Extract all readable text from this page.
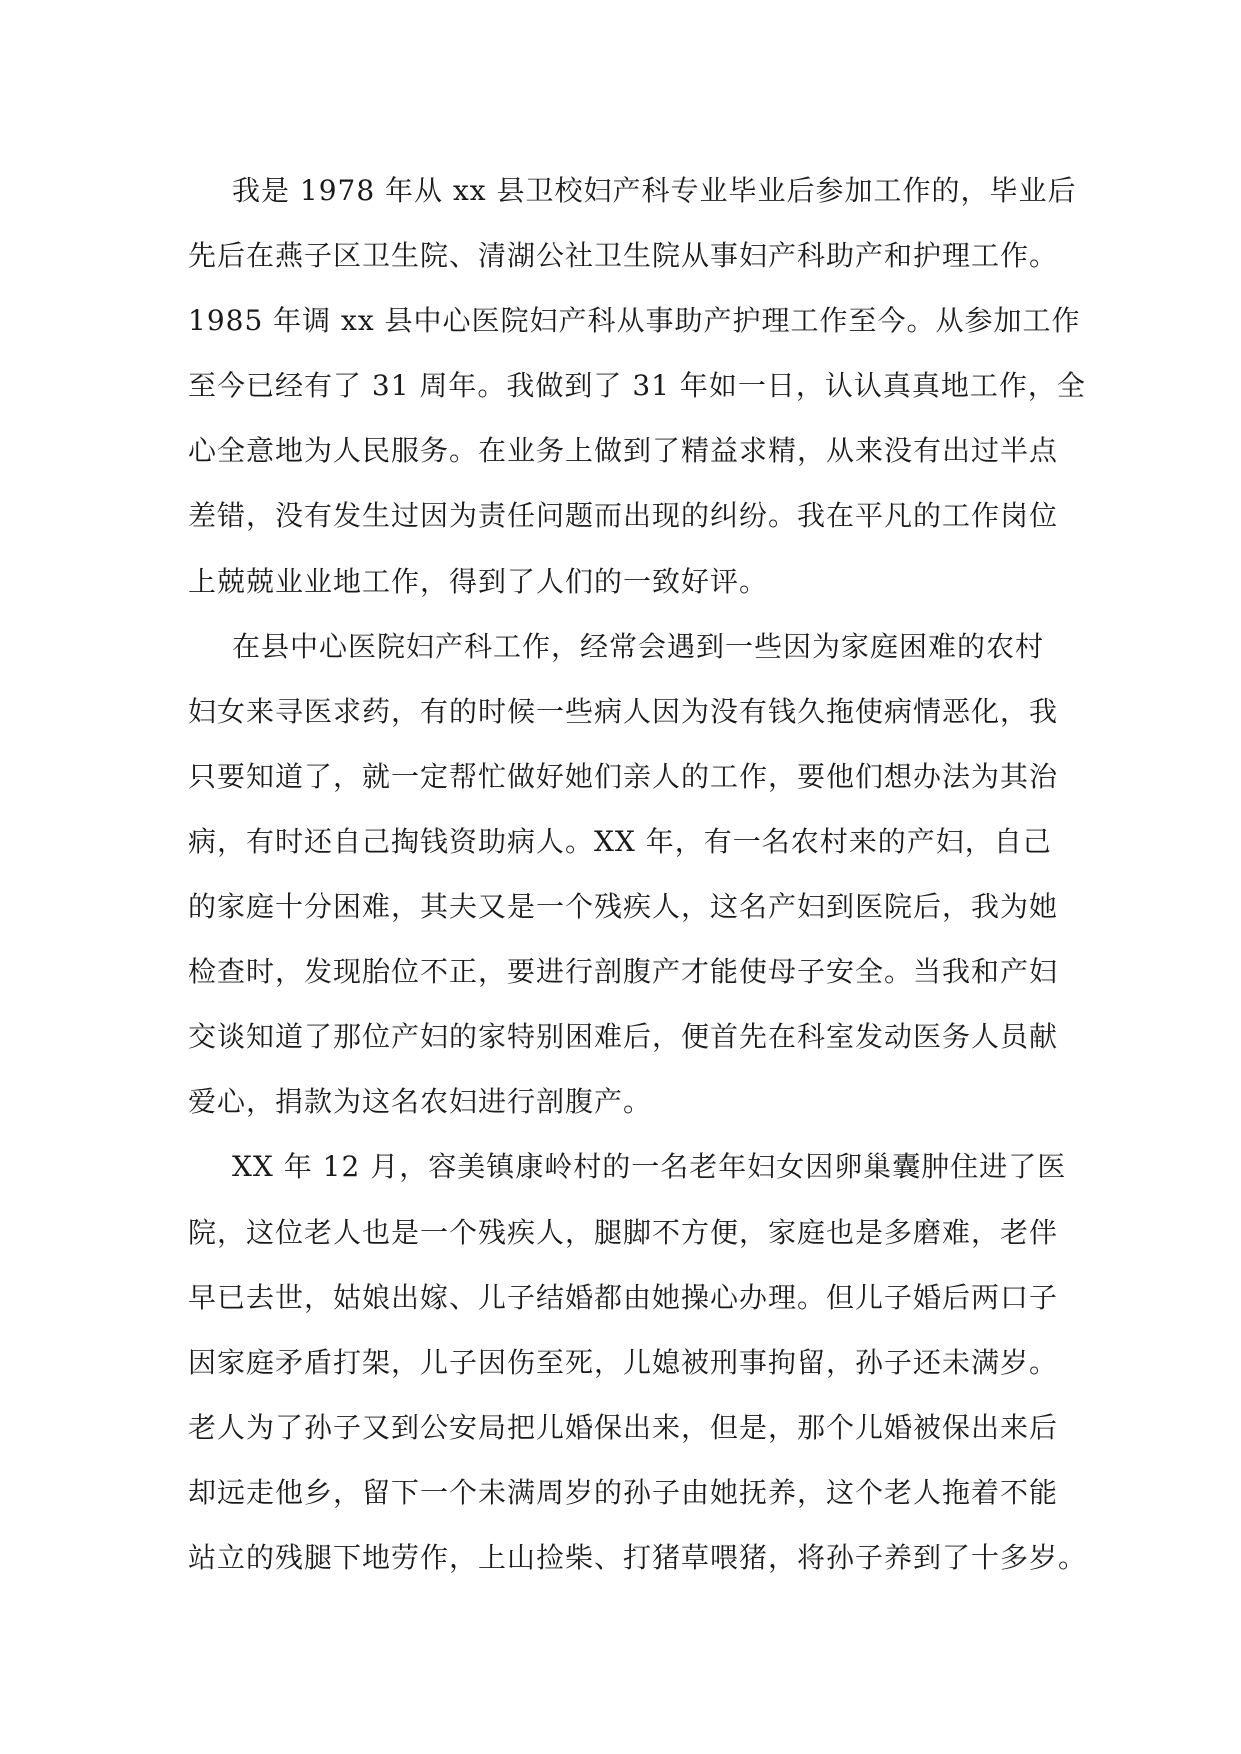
我是 1978 年从 xx 县卫校妇产科专业毕业后参加工作的，毕业后
先后在燕子区卫生院、清湖公社卫生院从事妇产科助产和护理工作。
1985 年调 xx 县中心医院妇产科从事助产护理工作至今。从参加工作
至今已经有了 31 周年。我做到了 31 年如一日，认认真真地工作，全
心全意地为人民服务。在业务上做到了精益求精，从来没有出过半点
差错，没有发生过因为责任问题而出现的纠纷。我在平凡的工作岗位
上兢兢业业地工作，得到了人们的一致好评。
在县中心医院妇产科工作，经常会遇到一些因为家庭困难的农村
妇女来寻医求药，有的时候一些病人因为没有钱久拖使病情恶化，我
只要知道了，就一定帮忙做好她们亲人的工作，要他们想办法为其治
病，有时还自己掏钱资助病人。XX 年，有一名农村来的产妇，自己
的家庭十分困难，其夫又是一个残疾人，这名产妇到医院后，我为她
检查时，发现胎位不正，要进行剖腹产才能使母子安全。当我和产妇
交谈知道了那位产妇的家特别困难后，便首先在科室发动医务人员献
爱心，捐款为这名农妇进行剖腹产。
XX 年 12 月，容美镇康岭村的一名老年妇女因卵巢囊肿住进了医
院，这位老人也是一个残疾人，腿脚不方便，家庭也是多磨难，老伴
早已去世，姑娘出嫁、儿子结婚都由她操心办理。但儿子婚后两口子
因家庭矛盾打架，儿子因伤至死，儿媳被刑事拘留，孙子还未满岁。
老人为了孙子又到公安局把儿婚保出来，但是，那个儿婚被保出来后
却远走他乡，留下一个未满周岁的孙子由她抚养，这个老人拖着不能
站立的残腿下地劳作，上山捡柴、打猪草喂猪，将孙子养到了十多岁。
